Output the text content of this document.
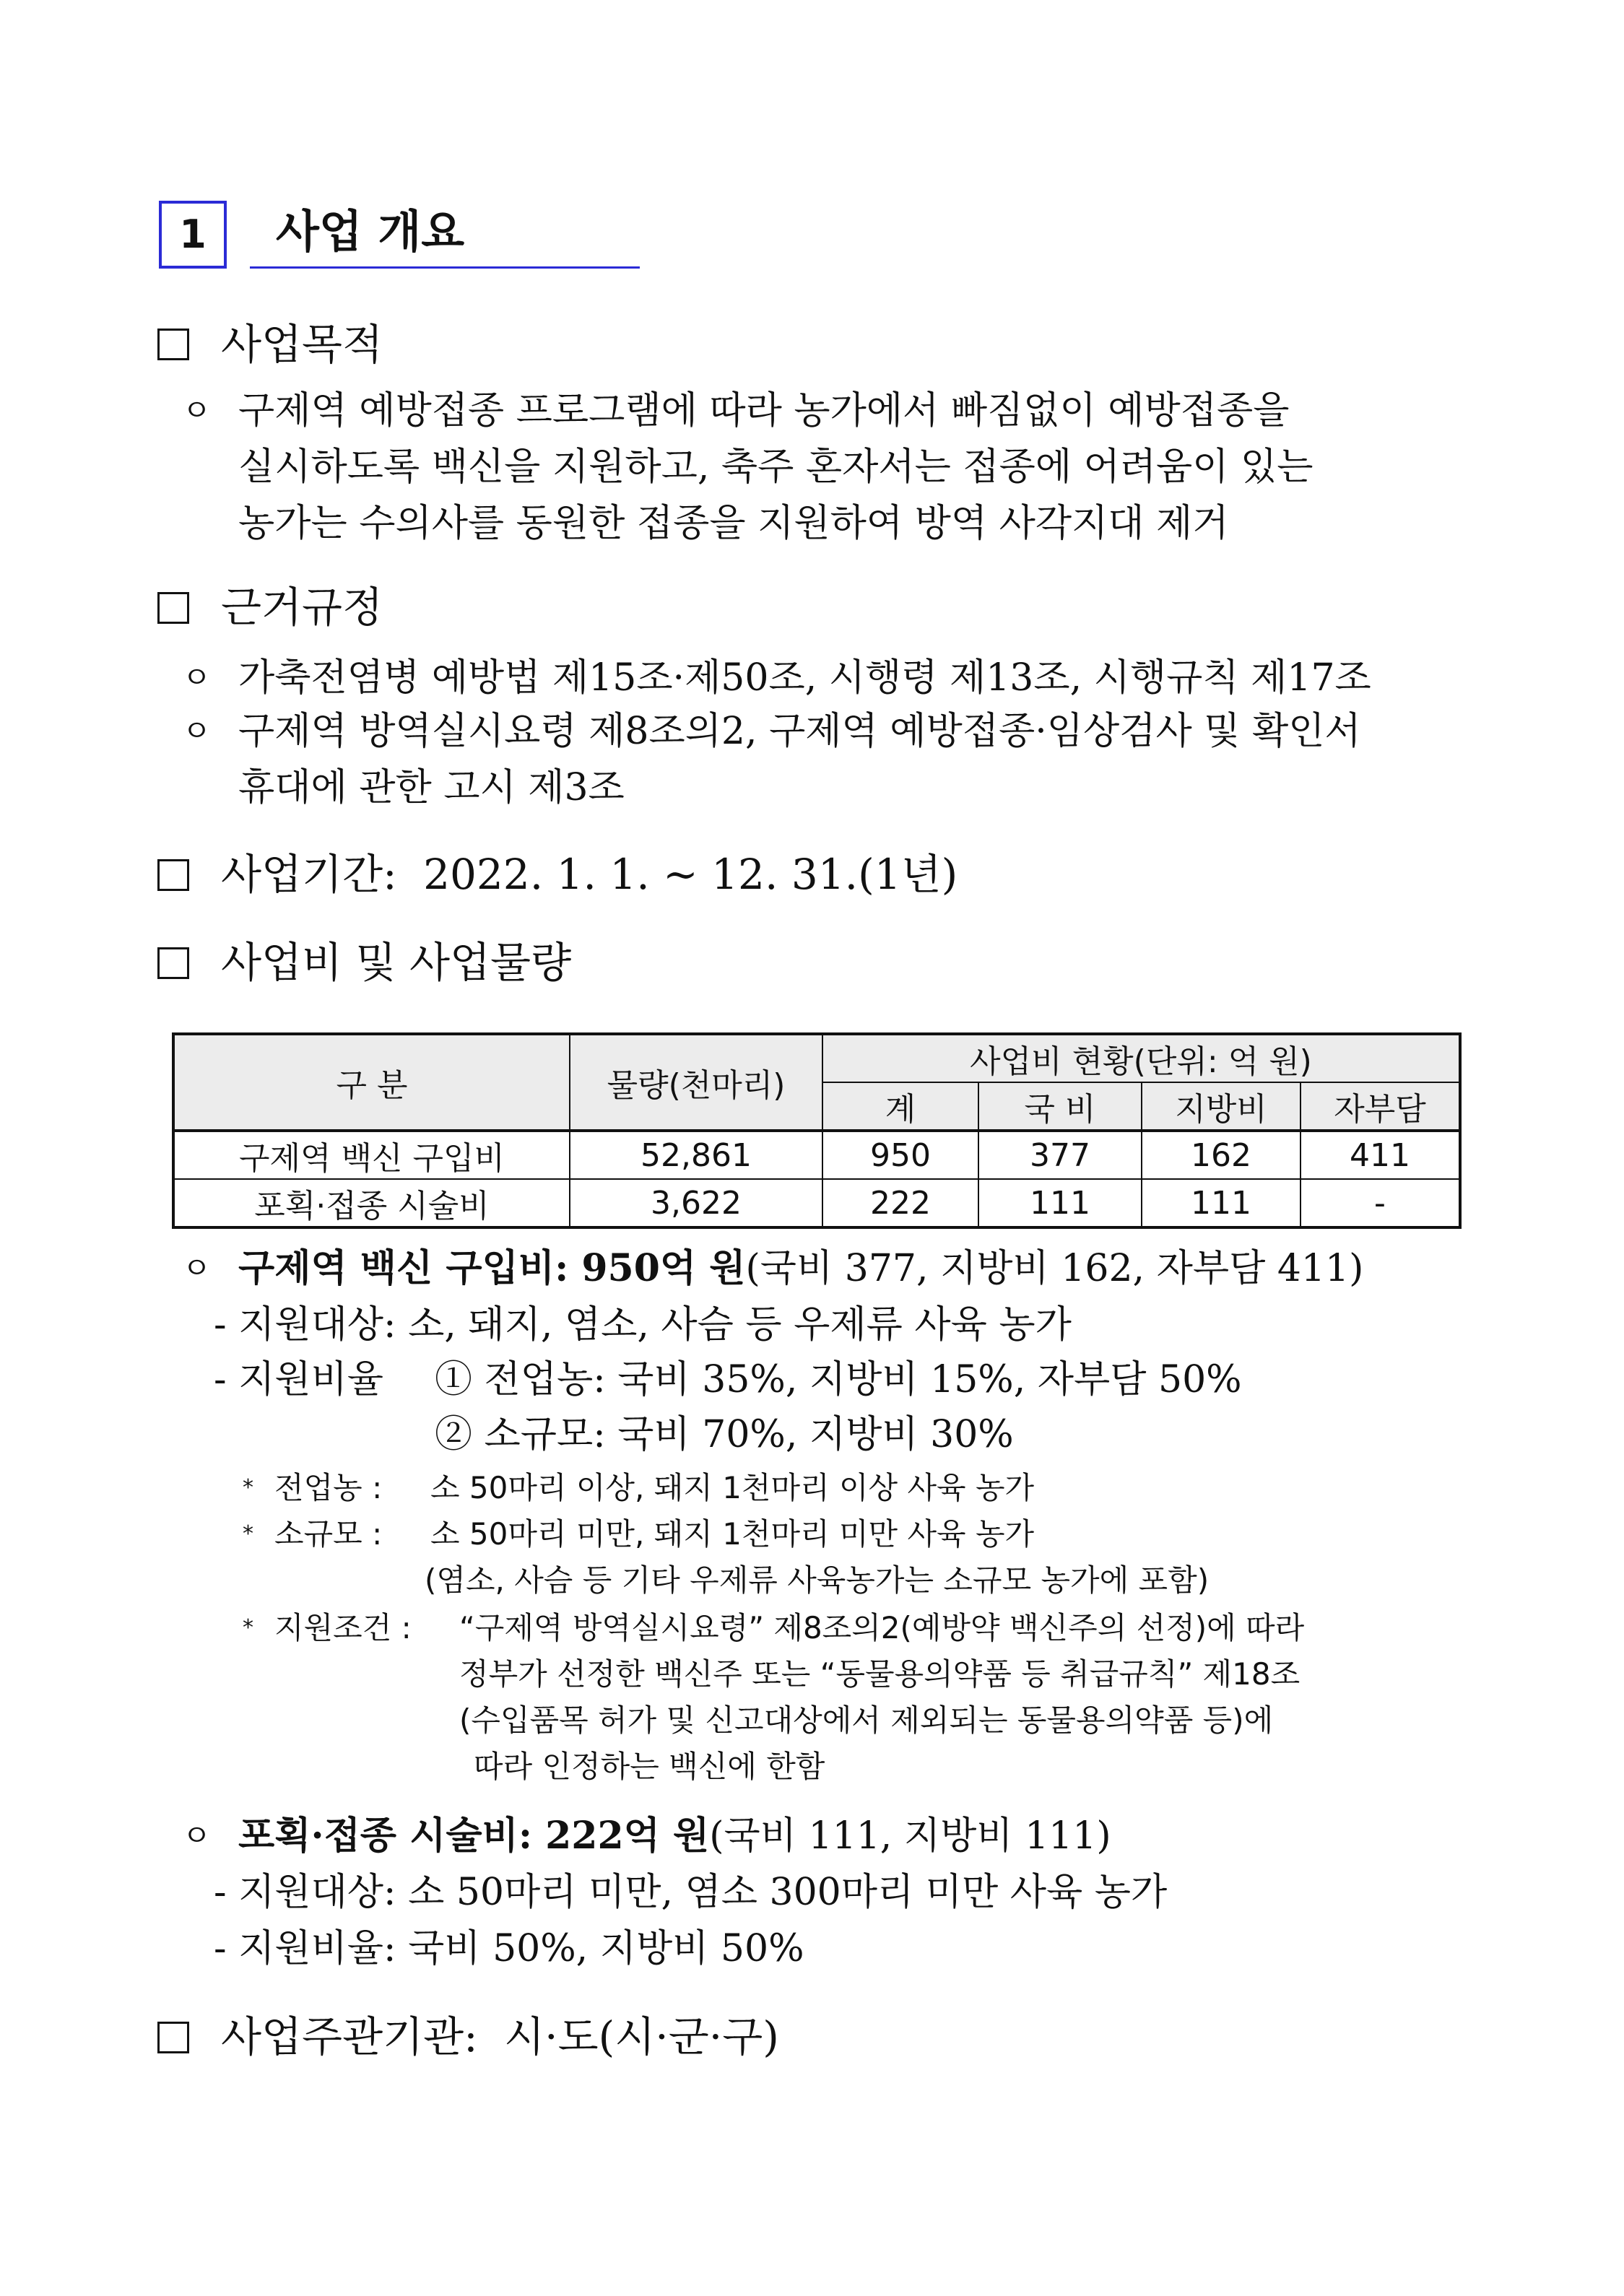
1	사업 개요
사업목적
ㅇ 구제역 예방접종 프로그램에 따라 농가에서 빠짐없이 예방접종을
실시하도록 백신을 지원하고, 축주 혼자서는 접종에 어려움이 있는
농가는 수의사를 동원한 접종을 지원하여 방역 사각지대 제거
근거규정
ㅇ 가축전염병 예방법 제15조·제50조, 시행령 제13조, 시행규칙 제17조
ㅇ 구제역 방역실시요령 제8조의2, 구제역 예방접종·임상검사 및 확인서
휴대에 관한 고시 제3조
사업기간: 2022. 1. 1. ~ 12. 31.(1년)
사업비 및 사업물량
구 분	물량(천마리)	사업비 현황(단위: 억 원)			
		계	국 비	지방비	자부담
구제역 백신 구입비	52,861	950	377	162	411
포획·접종 시술비	3,622	222	111	111	-
ㅇ 구제역 백신 구입비: 950억 원(국비 377, 지방비 162, 자부담 411)
- 지원대상: 소, 돼지, 염소, 사슴 등 우제류 사육 농가
- 지원비율 ① 전업농: 국비 35%, 지방비 15%, 자부담 50%
② 소규모: 국비 70%, 지방비 30%
* 전업농 : 소 50마리 이상, 돼지 1천마리 이상 사육 농가
* 소규모 : 소 50마리 미만, 돼지 1천마리 미만 사육 농가
(염소, 사슴 등 기타 우제류 사육농가는 소규모 농가에 포함)
* 지원조건 : “구제역 방역실시요령” 제8조의2(예방약 백신주의 선정)에 따라
정부가 선정한 백신주 또는 “동물용의약품 등 취급규칙” 제18조
(수입품목 허가 및 신고대상에서 제외되는 동물용의약품 등)에
따라 인정하는 백신에 한함
ㅇ 포획·접종 시술비: 222억 원(국비 111, 지방비 111)
- 지원대상: 소 50마리 미만, 염소 300마리 미만 사육 농가
- 지원비율: 국비 50%, 지방비 50%
사업주관기관: 시·도(시·군·구)
